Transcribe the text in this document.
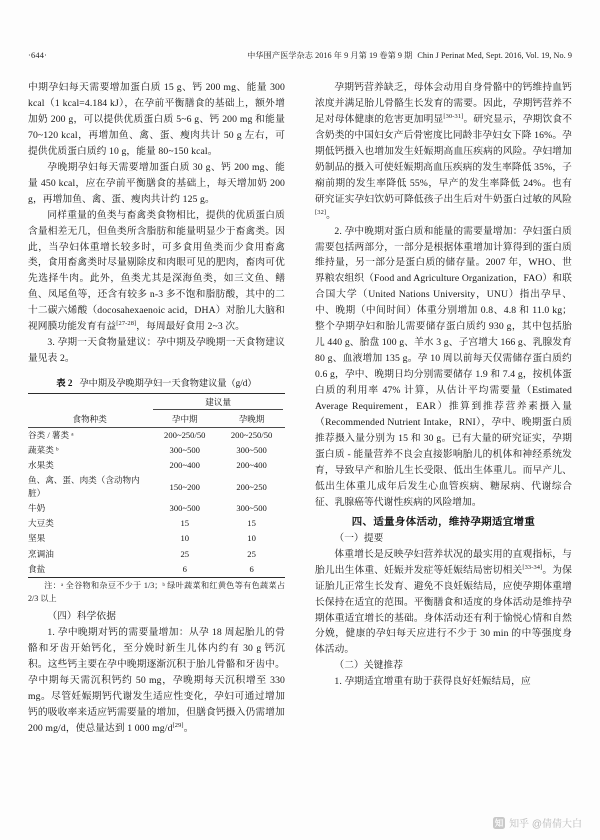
·644·	中华围产医学杂志 2016 年 9 月第 19 卷第 9 期 Chin J Perinat Med, Sept. 2016, Vol. 19, No. 9

中期孕妇每天需要增加蛋白质 15 g、钙 200 mg、能量 300 kcal（1 kcal=4.184 kJ），在孕前平衡膳食的基础上，额外增加奶 200 g，可以提供优质蛋白质 5~6 g、钙 200 mg 和能量 70~120 kcal，再增加鱼、禽、蛋、瘦肉共计 50 g 左右，可提供优质蛋白质约 10 g，能量 80~150 kcal。

孕晚期孕妇每天需要增加蛋白质 30 g、钙 200 mg、能量 450 kcal，应在孕前平衡膳食的基础上，每天增加奶 200 g，再增加鱼、禽、蛋、瘦肉共计约 125 g。

同样重量的鱼类与畜禽类食物相比，提供的优质蛋白质含量相差无几，但鱼类所含脂肪和能量明显少于畜禽类。因此，当孕妇体重增长较多时，可多食用鱼类而少食用畜禽类，食用畜禽类时尽量剔除皮和肉眼可见的肥肉，畜肉可优先选择牛肉。此外，鱼类尤其是深海鱼类，如三文鱼、鳝鱼、凤尾鱼等，还含有较多 n-3 多不饱和脂肪酸，其中的二十二碳六烯酸（docosahexaenoic acid，DHA）对胎儿大脑和视网膜功能发育有益[27-28]，每周最好食用 2~3 次。

3. 孕期一天食物量建议：孕中期及孕晚期一天食物建议量见表 2。

表 2 孕中期及孕晚期孕妇一天食物建议量（g/d）
食物种类	建议量	

	孕中期	孕晚期
谷类 / 薯类 ᵃ	200~250/50	200~250/50
蔬菜类 ᵇ	300~500	300~500
水果类	200~400	200~400
鱼、禽、蛋、肉类（含动物内脏）	150~200	200~250
牛奶	300~500	300~500
大豆类	15	15
坚果	10	10
烹调油	25	25
食盐	6	6
注：ᵃ 全谷物和杂豆不少于 1/3；ᵇ 绿叶蔬菜和红黄色等有色蔬菜占 2/3 以上

（四）科学依据

1. 孕中晚期对钙的需要量增加：从孕 18 周起胎儿的骨骼和牙齿开始钙化，至分娩时新生儿体内约有 30 g 钙沉积。这些钙主要在孕中晚期逐渐沉积于胎儿骨骼和牙齿中。孕中期每天需沉积钙约 50 mg，孕晚期每天沉积增至 330 mg。尽管妊娠期钙代谢发生适应性变化，孕妇可通过增加钙的吸收率来适应钙需要量的增加，但膳食钙摄入仍需增加 200 mg/d，使总量达到 1 000 mg/d[29]。

孕期钙营养缺乏，母体会动用自身骨骼中的钙维持血钙浓度并满足胎儿骨骼生长发育的需要。因此，孕期钙营养不足对母体健康的危害更加明显[30-31]。研究显示，孕期饮食不含奶类的中国妇女产后骨密度比同龄非孕妇女下降 16%。孕期低钙摄入也增加发生妊娠期高血压疾病的风险。孕妇增加奶制品的摄入可使妊娠期高血压疾病的发生率降低 35%，子痫前期的发生率降低 55%，早产的发生率降低 24%。也有研究证实孕妇饮奶可降低孩子出生后对牛奶蛋白过敏的风险[32]。

2. 孕中晚期对蛋白质和能量的需要量增加：孕妇蛋白质需要包括两部分，一部分是根据体重增加计算得到的蛋白质维持量，另一部分是蛋白质的储存量。2007 年，WHO、世界粮农组织（Food and Agriculture Organization，FAO）和联合国大学（United Nations University，UNU）指出孕早、中、晚期（中间时间）体重分别增加 0.8、4.8 和 11.0 kg；整个孕期孕妇和胎儿需要储存蛋白质约 930 g，其中包括胎儿 440 g、胎盘 100 g、羊水 3 g、子宫增大 166 g、乳腺发育 80 g、血液增加 135 g。孕 10 周以前每天仅需储存蛋白质约 0.6 g，孕中、晚期日均分别需要储存 1.9 和 7.4 g，按机体蛋白质的利用率 47% 计算，从估计平均需要量（Estimated Average Requirement，EAR）推算到推荐营养素摄入量（Recommended Nutrient Intake，RNI），孕中、晚期蛋白质推荐摄入量分别为 15 和 30 g。已有大量的研究证实，孕期蛋白质 - 能量营养不良会直接影响胎儿的机体和神经系统发育，导致早产和胎儿生长受限、低出生体重儿。而早产儿、低出生体重儿成年后发生心血管疾病、糖尿病、代谢综合征、乳腺癌等代谢性疾病的风险增加。

四、适量身体活动，维持孕期适宜增重

（一）提要

体重增长是反映孕妇营养状况的最实用的直观指标，与胎儿出生体重、妊娠并发症等妊娠结局密切相关[33-34]。为保证胎儿正常生长发育、避免不良妊娠结局，应使孕期体重增长保持在适宜的范围。平衡膳食和适度的身体活动是维持孕期体重适宜增长的基础。身体活动还有利于愉悦心情和自然分娩，健康的孕妇每天应进行不少于 30 min 的中等强度身体活动。

（二）关键推荐

1. 孕期适宜增重有助于获得良好妊娠结局，应

知 知乎 @倩倩大白
